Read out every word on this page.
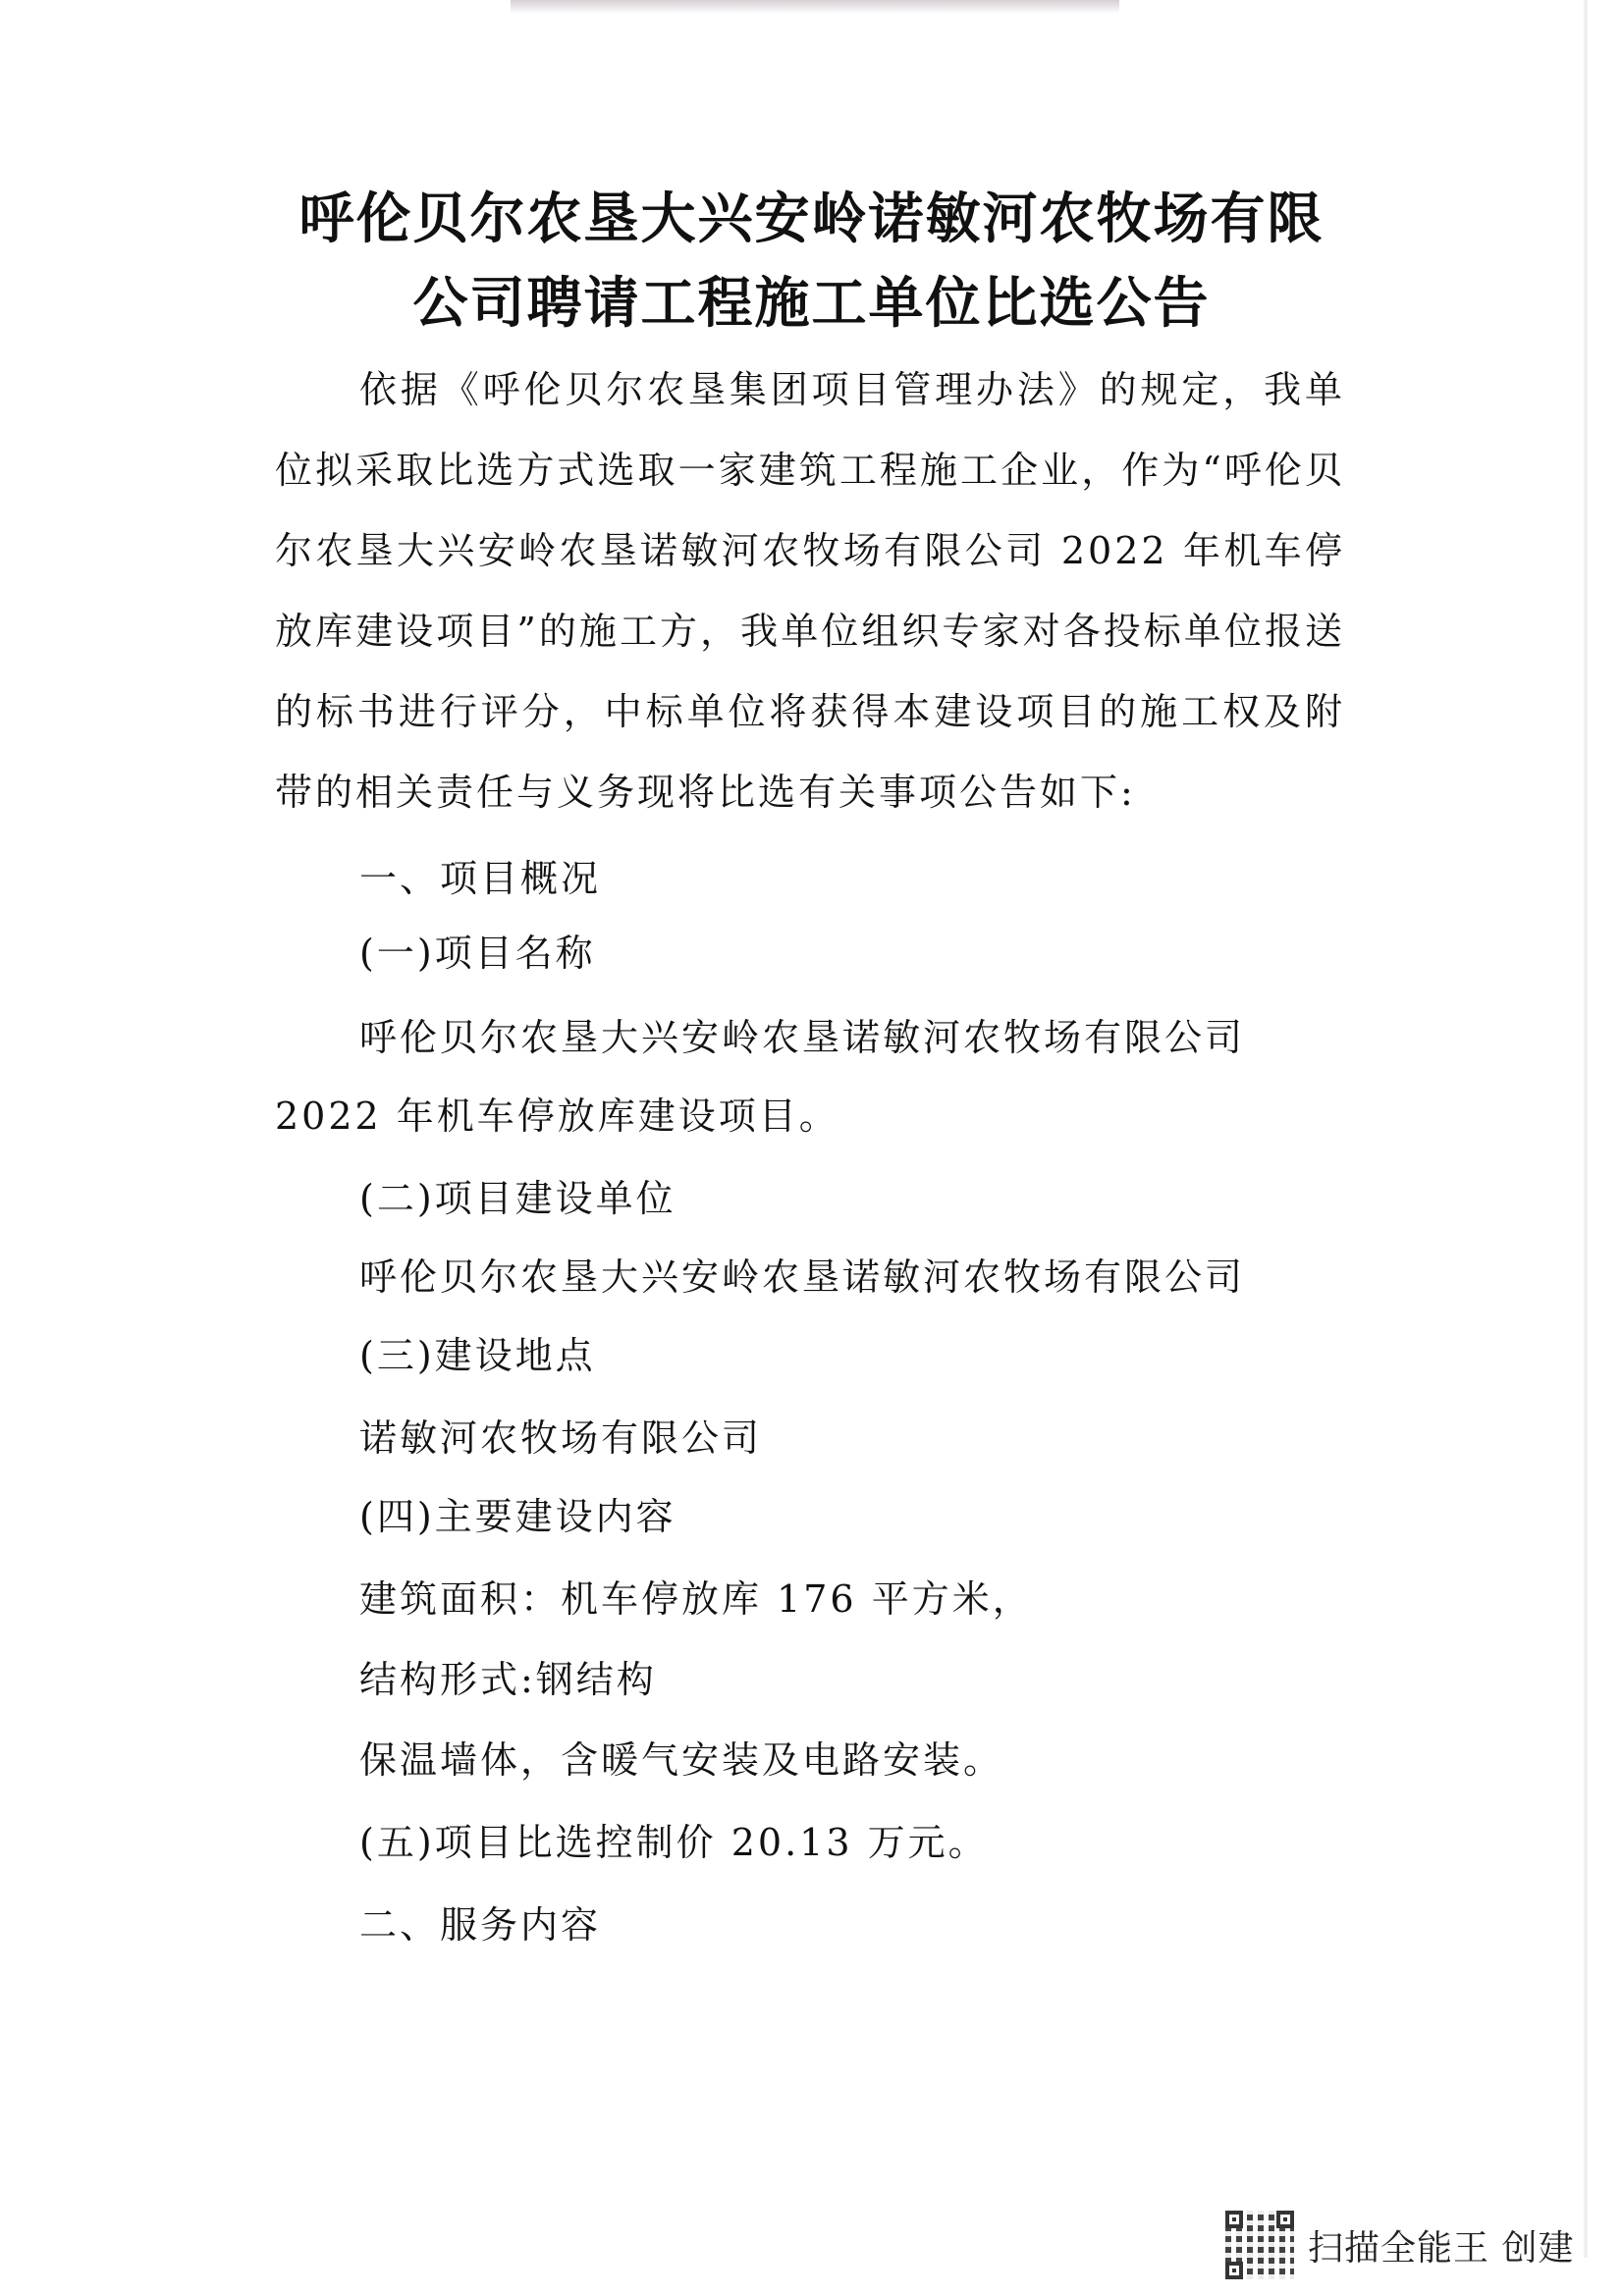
呼伦贝尔农垦大兴安岭诺敏河农牧场有限
公司聘请工程施工单位比选公告
依据《呼伦贝尔农垦集团项目管理办法》的规定，我单位拟采取比选方式选取一家建筑工程施工企业，作为“呼伦贝尔农垦大兴安岭农垦诺敏河农牧场有限公司 2022 年机车停放库建设项目”的施工方，我单位组织专家对各投标单位报送的标书进行评分，中标单位将获得本建设项目的施工权及附带的相关责任与义务现将比选有关事项公告如下:
一、项目概况
(一)项目名称
呼伦贝尔农垦大兴安岭农垦诺敏河农牧场有限公司
2022 年机车停放库建设项目。
(二)项目建设单位
呼伦贝尔农垦大兴安岭农垦诺敏河农牧场有限公司
(三)建设地点
诺敏河农牧场有限公司
(四)主要建设内容
建筑面积：机车停放库 176 平方米，
结构形式:钢结构
保温墙体，含暖气安装及电路安装。
(五)项目比选控制价 20.13 万元。
二、服务内容
扫描全能王 创建
